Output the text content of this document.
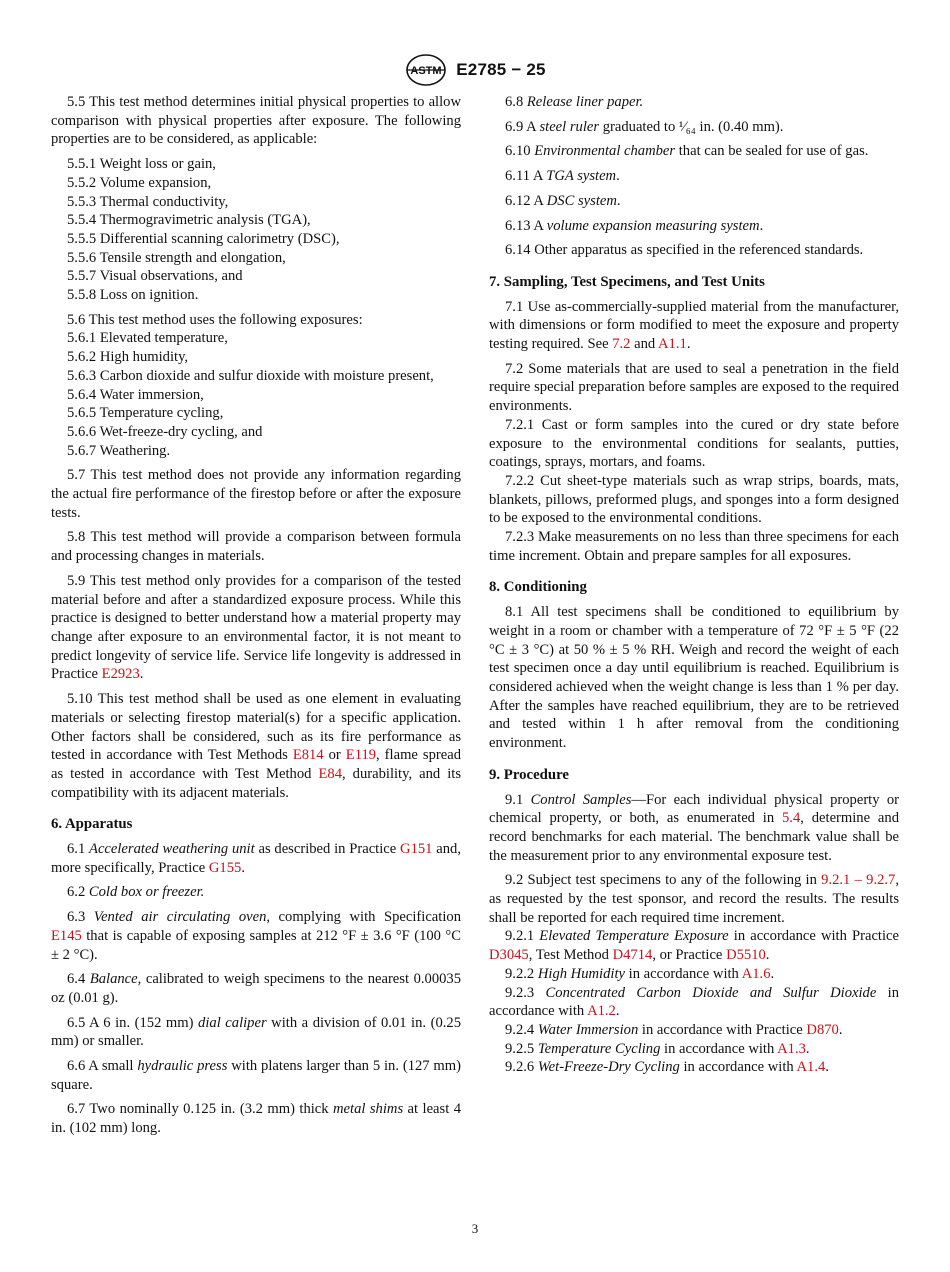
ASTM E2785 − 25

5.5 This test method determines initial physical properties to allow comparison with physical properties after exposure. The following properties are to be considered, as applicable:

5.5.1 Weight loss or gain,

5.5.2 Volume expansion,

5.5.3 Thermal conductivity,

5.5.4 Thermogravimetric analysis (TGA),

5.5.5 Differential scanning calorimetry (DSC),

5.5.6 Tensile strength and elongation,

5.5.7 Visual observations, and

5.5.8 Loss on ignition.

5.6 This test method uses the following exposures:

5.6.1 Elevated temperature,

5.6.2 High humidity,

5.6.3 Carbon dioxide and sulfur dioxide with moisture present,

5.6.4 Water immersion,

5.6.5 Temperature cycling,

5.6.6 Wet-freeze-dry cycling, and

5.6.7 Weathering.

5.7 This test method does not provide any information regarding the actual fire performance of the firestop before or after the exposure tests.

5.8 This test method will provide a comparison between formula and processing changes in materials.

5.9 This test method only provides for a comparison of the tested material before and after a standardized exposure process. While this practice is designed to better understand how a material property may change after exposure to an environmental factor, it is not meant to predict longevity of service life. Service life longevity is addressed in Practice E2923.

5.10 This test method shall be used as one element in evaluating materials or selecting firestop material(s) for a specific application. Other factors shall be considered, such as its fire performance as tested in accordance with Test Methods E814 or E119, flame spread as tested in accordance with Test Method E84, durability, and its compatibility with its adjacent materials.

6. Apparatus

6.1 Accelerated weathering unit as described in Practice G151 and, more specifically, Practice G155.

6.2 Cold box or freezer.

6.3 Vented air circulating oven, complying with Specification E145 that is capable of exposing samples at 212 °F ± 3.6 °F (100 °C ± 2 °C).

6.4 Balance, calibrated to weigh specimens to the nearest 0.00035 oz (0.01 g).

6.5 A 6 in. (152 mm) dial caliper with a division of 0.01 in. (0.25 mm) or smaller.

6.6 A small hydraulic press with platens larger than 5 in. (127 mm) square.

6.7 Two nominally 0.125 in. (3.2 mm) thick metal shims at least 4 in. (102 mm) long.

6.8 Release liner paper.

6.9 A steel ruler graduated to ¹⁄₆₄ in. (0.40 mm).

6.10 Environmental chamber that can be sealed for use of gas.

6.11 A TGA system.

6.12 A DSC system.

6.13 A volume expansion measuring system.

6.14 Other apparatus as specified in the referenced standards.

7. Sampling, Test Specimens, and Test Units

7.1 Use as-commercially-supplied material from the manufacturer, with dimensions or form modified to meet the exposure and property testing required. See 7.2 and A1.1.

7.2 Some materials that are used to seal a penetration in the field require special preparation before samples are exposed to the required environments.

7.2.1 Cast or form samples into the cured or dry state before exposure to the environmental conditions for sealants, putties, coatings, sprays, mortars, and foams.

7.2.2 Cut sheet-type materials such as wrap strips, boards, mats, blankets, pillows, preformed plugs, and sponges into a form designed to be exposed to the environmental conditions.

7.2.3 Make measurements on no less than three specimens for each time increment. Obtain and prepare samples for all exposures.

8. Conditioning

8.1 All test specimens shall be conditioned to equilibrium by weight in a room or chamber with a temperature of 72 °F ± 5 °F (22 °C ± 3 °C) at 50 % ± 5 % RH. Weigh and record the weight of each test specimen once a day until equilibrium is reached. Equilibrium is considered achieved when the weight change is less than 1 % per day. After the samples have reached equilibrium, they are to be retrieved and tested within 1 h after removal from the conditioning environment.

9. Procedure

9.1 Control Samples—For each individual physical property or chemical property, or both, as enumerated in 5.4, determine and record benchmarks for each material. The benchmark value shall be the measurement prior to any environmental exposure test.

9.2 Subject test specimens to any of the following in 9.2.1 – 9.2.7, as requested by the test sponsor, and record the results. The results shall be reported for each required time increment.

9.2.1 Elevated Temperature Exposure in accordance with Practice D3045, Test Method D4714, or Practice D5510.

9.2.2 High Humidity in accordance with A1.6.

9.2.3 Concentrated Carbon Dioxide and Sulfur Dioxide in accordance with A1.2.

9.2.4 Water Immersion in accordance with Practice D870.

9.2.5 Temperature Cycling in accordance with A1.3.

9.2.6 Wet-Freeze-Dry Cycling in accordance with A1.4.

3
